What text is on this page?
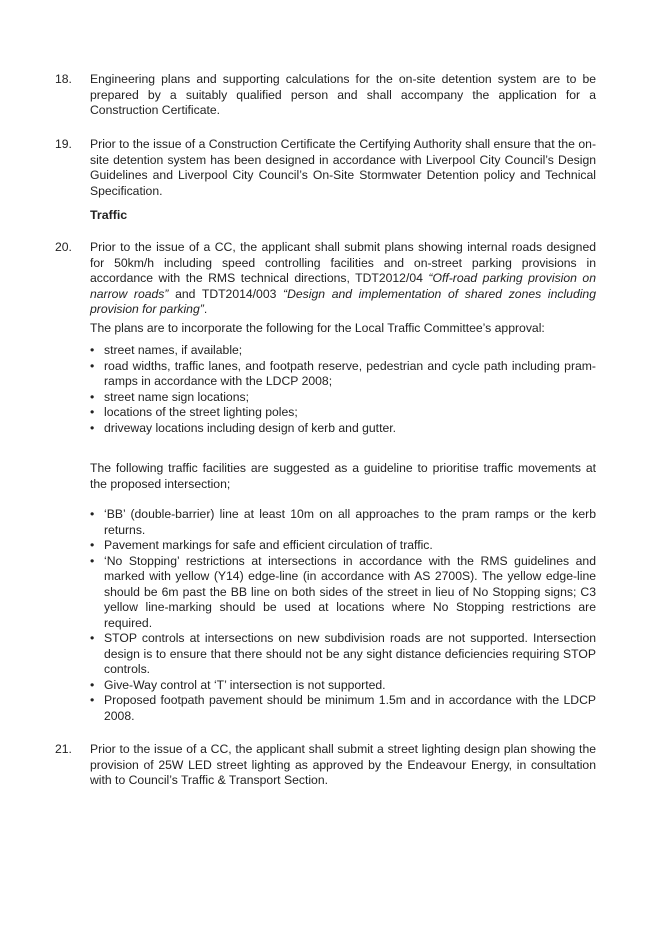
18. Engineering plans and supporting calculations for the on-site detention system are to be prepared by a suitably qualified person and shall accompany the application for a Construction Certificate.

19. Prior to the issue of a Construction Certificate the Certifying Authority shall ensure that the on-site detention system has been designed in accordance with Liverpool City Council’s Design Guidelines and Liverpool City Council’s On-Site Stormwater Detention policy and Technical Specification.

Traffic
20. Prior to the issue of a CC, the applicant shall submit plans showing internal roads designed for 50km/h including speed controlling facilities and on-street parking provisions in accordance with the RMS technical directions, TDT2012/04 “Off-road parking provision on narrow roads” and TDT2014/003 “Design and implementation of shared zones including provision for parking”.

The plans are to incorporate the following for the Local Traffic Committee’s approval:

• street names, if available;
• road widths, traffic lanes, and footpath reserve, pedestrian and cycle path including pram-ramps in accordance with the LDCP 2008;
• street name sign locations;
• locations of the street lighting poles;
• driveway locations including design of kerb and gutter.

The following traffic facilities are suggested as a guideline to prioritise traffic movements at the proposed intersection;

• ‘BB’ (double-barrier) line at least 10m on all approaches to the pram ramps or the kerb returns.
• Pavement markings for safe and efficient circulation of traffic.
• ‘No Stopping’ restrictions at intersections in accordance with the RMS guidelines and marked with yellow (Y14) edge-line (in accordance with AS 2700S). The yellow edge-line should be 6m past the BB line on both sides of the street in lieu of No Stopping signs; C3 yellow line-marking should be used at locations where No Stopping restrictions are required.
• STOP controls at intersections on new subdivision roads are not supported. Intersection design is to ensure that there should not be any sight distance deficiencies requiring STOP controls.
• Give-Way control at ‘T’ intersection is not supported.
• Proposed footpath pavement should be minimum 1.5m and in accordance with the LDCP 2008.
21. Prior to the issue of a CC, the applicant shall submit a street lighting design plan showing the provision of 25W LED street lighting as approved by the Endeavour Energy, in consultation with to Council’s Traffic & Transport Section.
